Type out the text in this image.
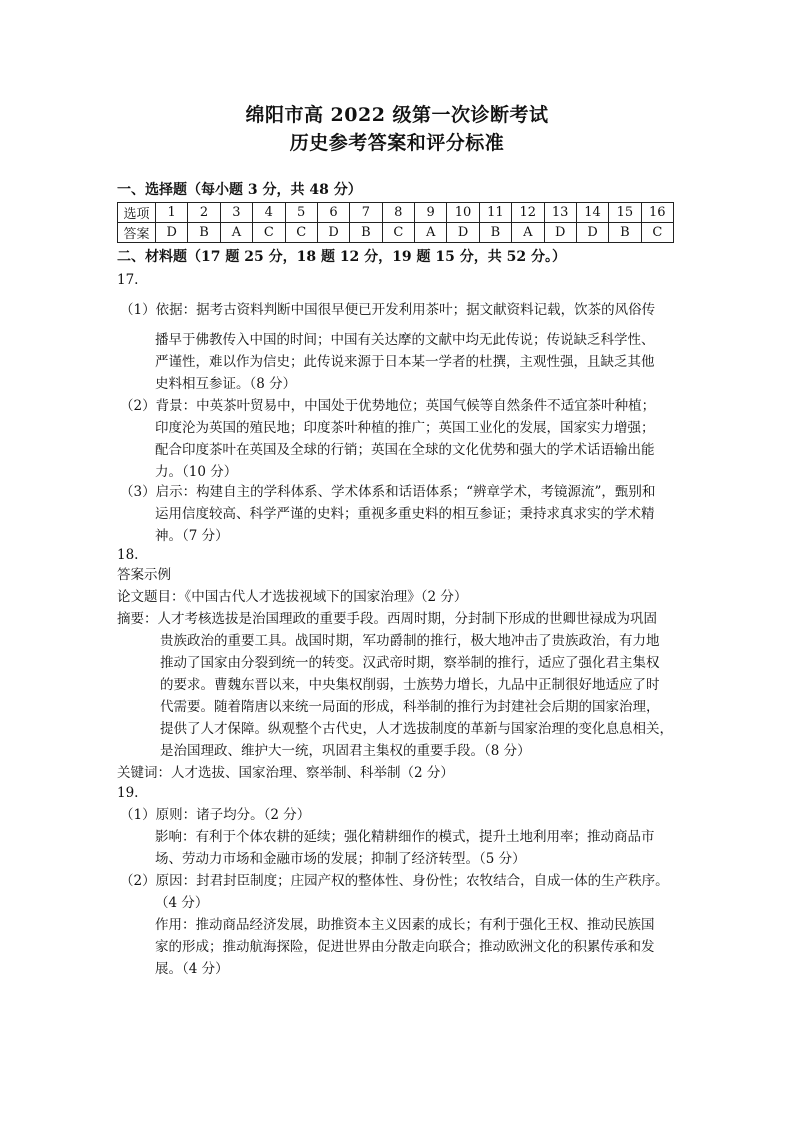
绵阳市高 2022 级第一次诊断考试
历史参考答案和评分标准
一、选择题（每小题 3 分，共 48 分）
选项	1	2	3	4	5	6	7	8	9	10	11	12	13	14	15	16
答案	D	B	A	C	C	D	B	C	A	D	B	A	D	D	B	C
二、材料题（17 题 25 分，18 题 12 分，19 题 15 分，共 52 分。）
17.
（1）依据：据考古资料判断中国很早便已开发利用茶叶；据文献资料记载，饮茶的风俗传
播早于佛教传入中国的时间；中国有关达摩的文献中均无此传说；传说缺乏科学性、
严谨性，难以作为信史；此传说来源于日本某一学者的杜撰，主观性强，且缺乏其他
史料相互参证。（8 分）
（2）背景：中英茶叶贸易中，中国处于优势地位；英国气候等自然条件不适宜茶叶种植；
印度沦为英国的殖民地；印度茶叶种植的推广；英国工业化的发展，国家实力增强；
配合印度茶叶在英国及全球的行销；英国在全球的文化优势和强大的学术话语输出能
力。（10 分）
（3）启示：构建自主的学科体系、学术体系和话语体系；“辨章学术，考镜源流”，甄别和
运用信度较高、科学严谨的史料；重视多重史料的相互参证；秉持求真求实的学术精
神。（7 分）
18.
答案示例
论文题目：《中国古代人才选拔视域下的国家治理》（2 分）
摘要：人才考核选拔是治国理政的重要手段。西周时期，分封制下形成的世卿世禄成为巩固
贵族政治的重要工具。战国时期，军功爵制的推行，极大地冲击了贵族政治，有力地
推动了国家由分裂到统一的转变。汉武帝时期，察举制的推行，适应了强化君主集权
的要求。曹魏东晋以来，中央集权削弱，士族势力增长，九品中正制很好地适应了时
代需要。随着隋唐以来统一局面的形成，科举制的推行为封建社会后期的国家治理，
提供了人才保障。纵观整个古代史，人才选拔制度的革新与国家治理的变化息息相关，
是治国理政、维护大一统，巩固君主集权的重要手段。（8 分）
关键词：人才选拔、国家治理、察举制、科举制（2 分）
19.
（1）原则：诸子均分。（2 分）
影响：有利于个体农耕的延续；强化精耕细作的模式，提升土地利用率；推动商品市
场、劳动力市场和金融市场的发展；抑制了经济转型。（5 分）
（2）原因：封君封臣制度；庄园产权的整体性、身份性；农牧结合，自成一体的生产秩序。
（4 分）
作用：推动商品经济发展，助推资本主义因素的成长；有利于强化王权、推动民族国
家的形成；推动航海探险，促进世界由分散走向联合；推动欧洲文化的积累传承和发
展。（4 分）
